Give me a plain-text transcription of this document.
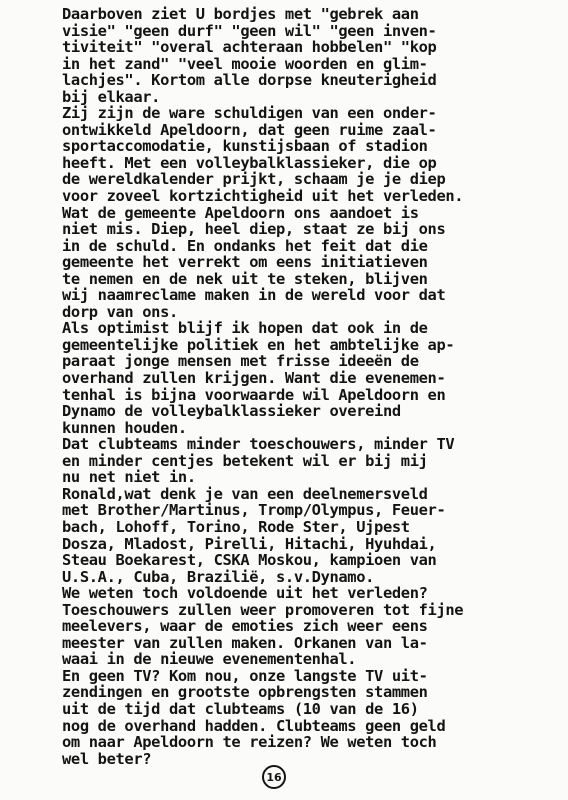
Daarboven ziet U bordjes met "gebrek aan
visie" "geen durf" "geen wil" "geen inven-
tiviteit" "overal achteraan hobbelen" "kop
in het zand" "veel mooie woorden en glim-
lachjes". Kortom alle dorpse kneuterigheid
bij elkaar.
Zij zijn de ware schuldigen van een onder-
ontwikkeld Apeldoorn, dat geen ruime zaal-
sportaccomodatie, kunstijsbaan of stadion
heeft. Met een volleybalklassieker, die op
de wereldkalender prijkt, schaam je je diep
voor zoveel kortzichtigheid uit het verleden.
Wat de gemeente Apeldoorn ons aandoet is
niet mis. Diep, heel diep, staat ze bij ons
in de schuld. En ondanks het feit dat die
gemeente het verrekt om eens initiatieven
te nemen en de nek uit te steken, blijven
wij naamreclame maken in de wereld voor dat
dorp van ons.
Als optimist blijf ik hopen dat ook in de
gemeentelijke politiek en het ambtelijke ap-
paraat jonge mensen met frisse ideeën de
overhand zullen krijgen. Want die evenemen-
tenhal is bijna voorwaarde wil Apeldoorn en
Dynamo de volleybalklassieker overeind
kunnen houden.
Dat clubteams minder toeschouwers, minder TV
en minder centjes betekent wil er bij mij
nu net niet in.
Ronald,wat denk je van een deelnemersveld
met Brother/Martinus, Tromp/Olympus, Feuer-
bach, Lohoff, Torino, Rode Ster, Ujpest
Dosza, Mladost, Pirelli, Hitachi, Hyuhdai,
Steau Boekarest, CSKA Moskou, kampioen van
U.S.A., Cuba, Brazilië, s.v.Dynamo.
We weten toch voldoende uit het verleden?
Toeschouwers zullen weer promoveren tot fijne
meelevers, waar de emoties zich weer eens
meester van zullen maken. Orkanen van la-
waai in de nieuwe evenementenhal.
En geen TV? Kom nou, onze langste TV uit-
zendingen en grootste opbrengsten stammen
uit de tijd dat clubteams (10 van de 16)
nog de overhand hadden. Clubteams geen geld
om naar Apeldoorn te reizen? We weten toch
wel beter?
16
